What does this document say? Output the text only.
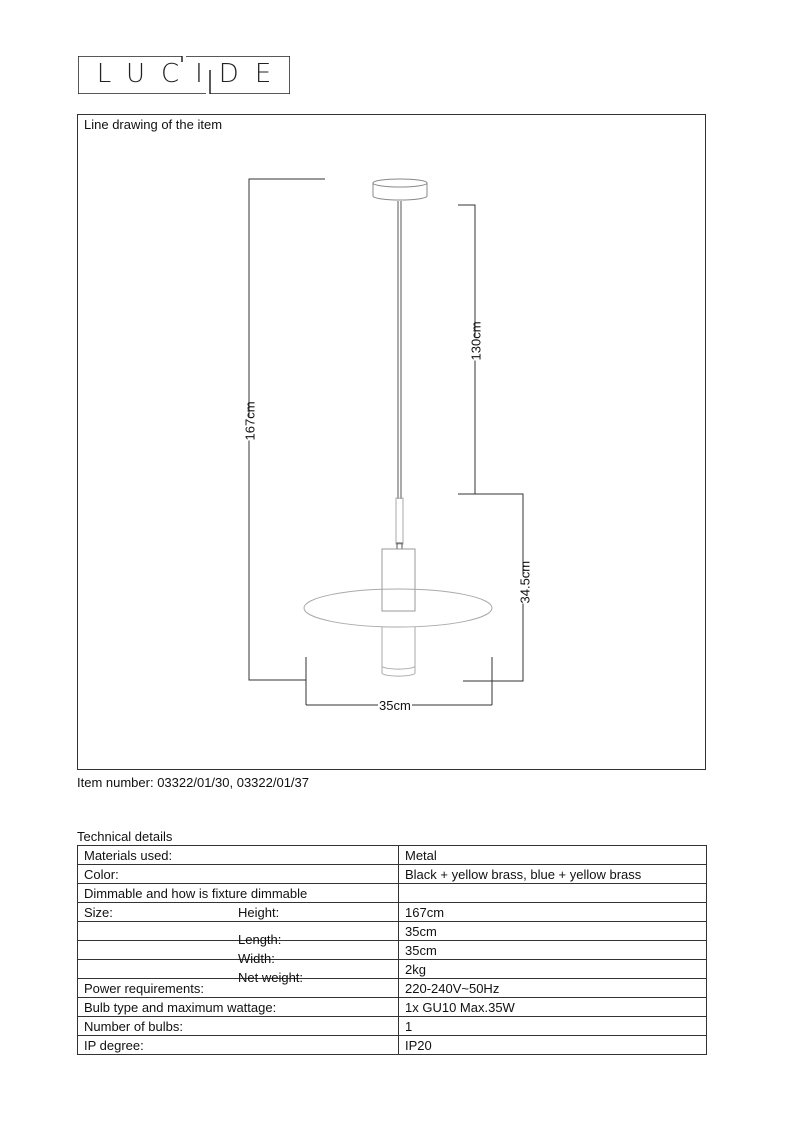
LUCIDE
Line drawing of the item
167cm
130cm
34.5cm
35cm
Item number: 03322/01/30, 03322/01/37
Technical details
Materials used:	Metal
Color:	Black + yellow brass, blue + yellow brass
Dimmable and how is fixture dimmable

Size: Height:	167cm

Length:	35cm

Width:	35cm

Net weight:	2kg
Power requirements:	220-240V~50Hz
Bulb type and maximum wattage:	1x GU10 Max.35W
Number of bulbs:	1
IP degree:	IP20
